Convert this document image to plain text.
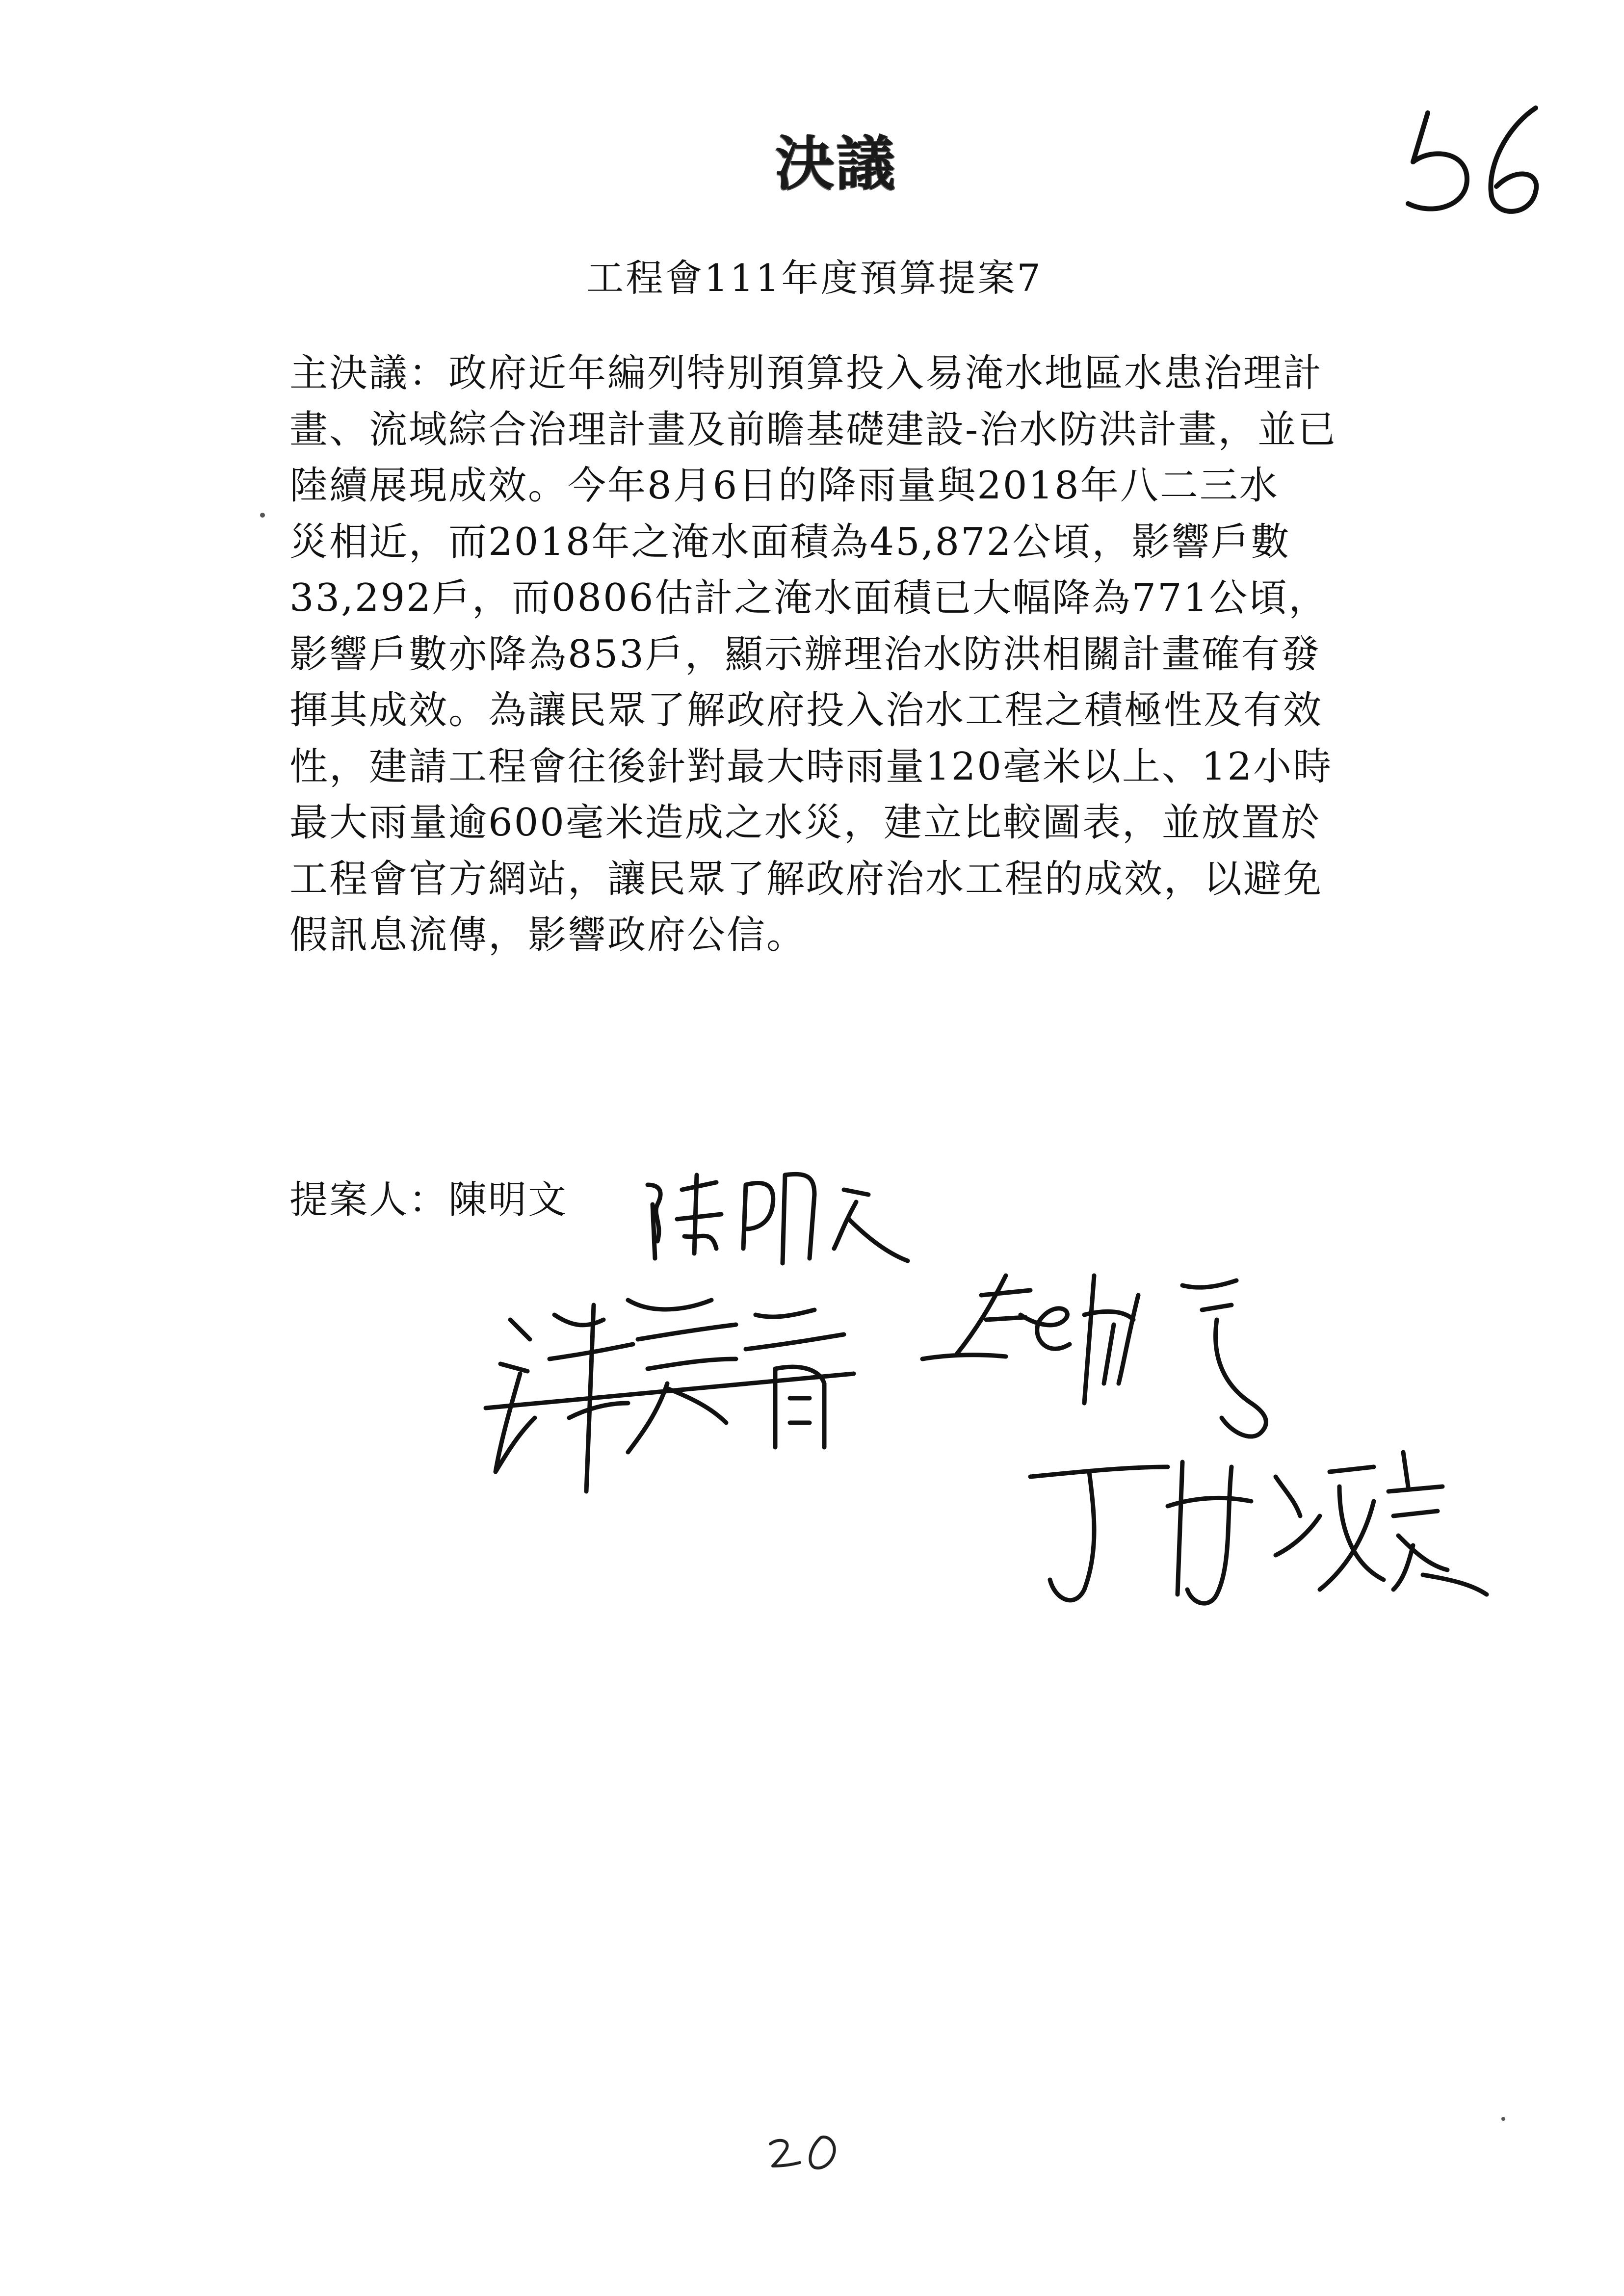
決議
工程會111年度預算提案7
主決議：政府近年編列特別預算投入易淹水地區水患治理計
畫、流域綜合治理計畫及前瞻基礎建設-治水防洪計畫，並已
陸續展現成效。今年8月6日的降雨量與2018年八二三水
災相近，而2018年之淹水面積為45,872公頃，影響戶數
33,292戶，而0806估計之淹水面積已大幅降為771公頃，
影響戶數亦降為853戶，顯示辦理治水防洪相關計畫確有發
揮其成效。為讓民眾了解政府投入治水工程之積極性及有效
性，建請工程會往後針對最大時雨量120毫米以上、12小時
最大雨量逾600毫米造成之水災，建立比較圖表，並放置於
工程會官方網站，讓民眾了解政府治水工程的成效，以避免
假訊息流傳，影響政府公信。
提案人：陳明文
